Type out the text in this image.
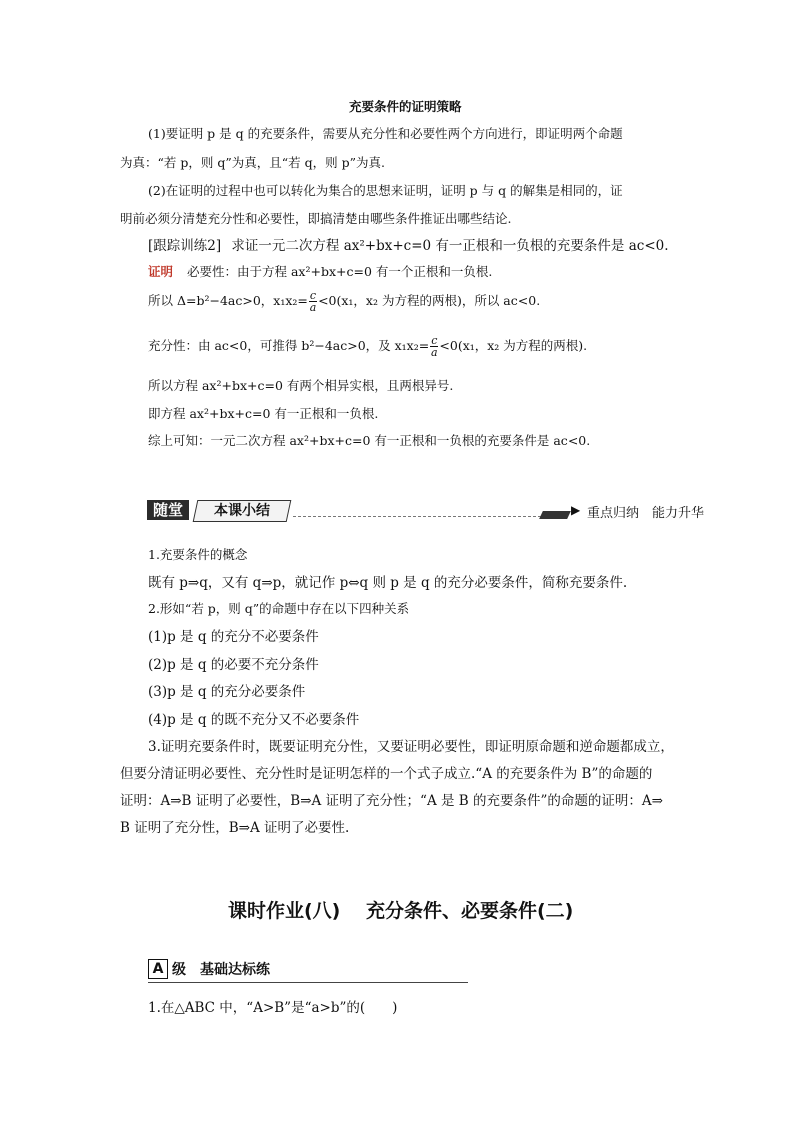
充要条件的证明策略
(1)要证明 p 是 q 的充要条件，需要从充分性和必要性两个方向进行，即证明两个命题
为真：“若 p，则 q”为真，且“若 q，则 p”为真.
(2)在证明的过程中也可以转化为集合的思想来证明，证明 p 与 q 的解集是相同的，证
明前必须分清楚充分性和必要性，即搞清楚由哪些条件推证出哪些结论.
[跟踪训练2] 求证一元二次方程 ax²+bx+c=0 有一正根和一负根的充要条件是 ac<0.
证明 必要性：由于方程 ax²+bx+c=0 有一个正根和一负根.
所以 Δ=b²−4ac>0，$x_1x_2= \frac{c}{a} <0(x_1$，x₂ 为方程的两根)，所以 ac<0.
充分性：由 ac<0，可推得 b²−4ac>0，及 $x_1x_2= \frac{c}{a} <0(x_1$，x₂ 为方程的两根).
所以方程 ax²+bx+c=0 有两个相异实根，且两根异号.
即方程 ax²+bx+c=0 有一正根和一负根.
综上可知：一元二次方程 ax²+bx+c=0 有一正根和一负根的充要条件是 ac<0.
随堂	本课小结	▶ 重点归纳　能力升华
1.充要条件的概念
既有 p⇒q，又有 q⇒p，就记作 p⇔q 则 p 是 q 的充分必要条件，简称充要条件.
2.形如“若 p，则 q”的命题中存在以下四种关系
(1)p 是 q 的充分不必要条件
(2)p 是 q 的必要不充分条件
(3)p 是 q 的充分必要条件
(4)p 是 q 的既不充分又不必要条件
3.证明充要条件时，既要证明充分性，又要证明必要性，即证明原命题和逆命题都成立，
但要分清证明必要性、充分性时是证明怎样的一个式子成立.“A 的充要条件为 B”的命题的
证明：A⇒B 证明了必要性，B⇒A 证明了充分性；“A 是 B 的充要条件”的命题的证明：A⇒
B 证明了充分性，B⇒A 证明了必要性.
课时作业(八)　 充分条件、必要条件(二)
A 级　基础达标练
1.在△ABC 中，“A>B”是“a>b”的(　　)
